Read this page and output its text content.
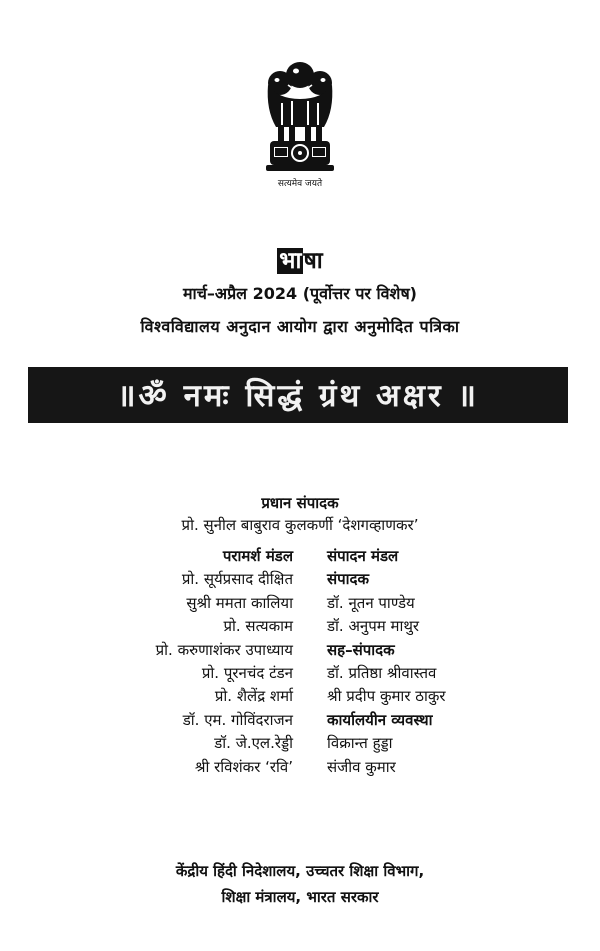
सत्यमेव जयते
भाषा
मार्च–अप्रैल 2024 (पूर्वोत्तर पर विशेष)
विश्वविद्यालय अनुदान आयोग द्वारा अनुमोदित पत्रिका
॥ॐ नमः सिद्धं ग्रंथ अक्षर ॥
प्रधान संपादक
प्रो. सुनील बाबुराव कुलकर्णी ‘देशगव्हाणकर’
परामर्श मंडल
प्रो. सूर्यप्रसाद दीक्षित
सुश्री ममता कालिया
प्रो. सत्यकाम
प्रो. करुणाशंकर उपाध्याय
प्रो. पूरनचंद टंडन
प्रो. शैलेंद्र शर्मा
डॉ. एम. गोविंदराजन
डॉ. जे.एल.रेड्डी
श्री रविशंकर ‘रवि’
संपादन मंडल
संपादक
डॉ. नूतन पाण्डेय
डॉ. अनुपम माथुर
सह–संपादक
डॉ. प्रतिष्ठा श्रीवास्तव
श्री प्रदीप कुमार ठाकुर
कार्यालयीन व्यवस्था
विक्रान्त हुड्डा
संजीव कुमार
केंद्रीय हिंदी निदेशालय, उच्चतर शिक्षा विभाग,
शिक्षा मंत्रालय, भारत सरकार
